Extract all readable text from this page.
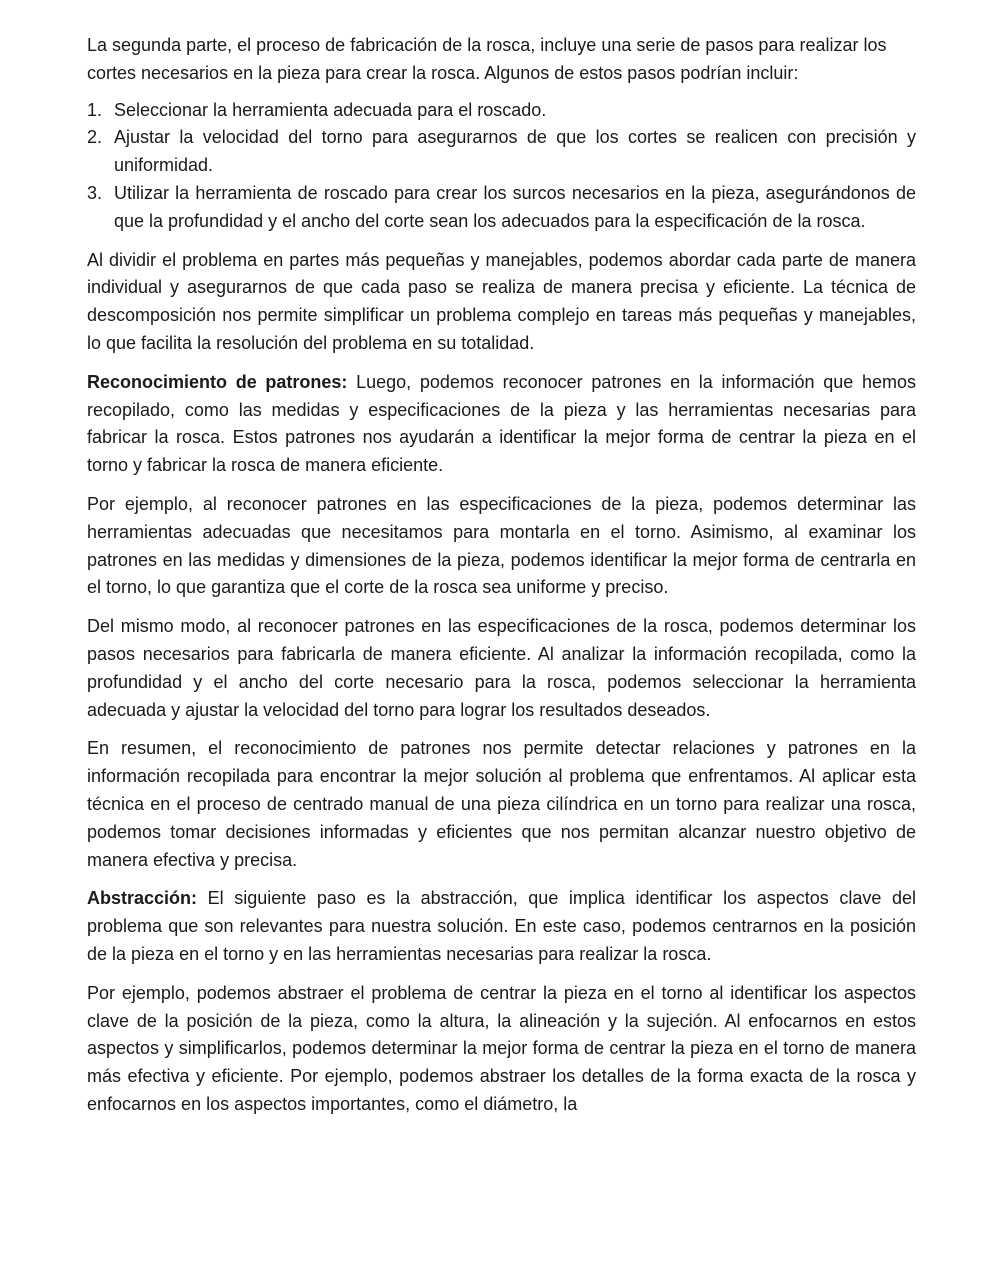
La segunda parte, el proceso de fabricación de la rosca, incluye una serie de pasos para realizar los cortes necesarios en la pieza para crear la rosca. Algunos de estos pasos podrían incluir:

1. Seleccionar la herramienta adecuada para el roscado.
2. Ajustar la velocidad del torno para asegurarnos de que los cortes se realicen con precisión y uniformidad.
3. Utilizar la herramienta de roscado para crear los surcos necesarios en la pieza, asegurándonos de que la profundidad y el ancho del corte sean los adecuados para la especificación de la rosca.

Al dividir el problema en partes más pequeñas y manejables, podemos abordar cada parte de manera individual y asegurarnos de que cada paso se realiza de manera precisa y eficiente. La técnica de descomposición nos permite simplificar un problema complejo en tareas más pequeñas y manejables, lo que facilita la resolución del problema en su totalidad.

Reconocimiento de patrones: Luego, podemos reconocer patrones en la información que hemos recopilado, como las medidas y especificaciones de la pieza y las herramientas necesarias para fabricar la rosca. Estos patrones nos ayudarán a identificar la mejor forma de centrar la pieza en el torno y fabricar la rosca de manera eficiente.

Por ejemplo, al reconocer patrones en las especificaciones de la pieza, podemos determinar las herramientas adecuadas que necesitamos para montarla en el torno. Asimismo, al examinar los patrones en las medidas y dimensiones de la pieza, podemos identificar la mejor forma de centrarla en el torno, lo que garantiza que el corte de la rosca sea uniforme y preciso.

Del mismo modo, al reconocer patrones en las especificaciones de la rosca, podemos determinar los pasos necesarios para fabricarla de manera eficiente. Al analizar la información recopilada, como la profundidad y el ancho del corte necesario para la rosca, podemos seleccionar la herramienta adecuada y ajustar la velocidad del torno para lograr los resultados deseados.

En resumen, el reconocimiento de patrones nos permite detectar relaciones y patrones en la información recopilada para encontrar la mejor solución al problema que enfrentamos. Al aplicar esta técnica en el proceso de centrado manual de una pieza cilíndrica en un torno para realizar una rosca, podemos tomar decisiones informadas y eficientes que nos permitan alcanzar nuestro objetivo de manera efectiva y precisa.

Abstracción: El siguiente paso es la abstracción, que implica identificar los aspectos clave del problema que son relevantes para nuestra solución. En este caso, podemos centrarnos en la posición de la pieza en el torno y en las herramientas necesarias para realizar la rosca.

Por ejemplo, podemos abstraer el problema de centrar la pieza en el torno al identificar los aspectos clave de la posición de la pieza, como la altura, la alineación y la sujeción. Al enfocarnos en estos aspectos y simplificarlos, podemos determinar la mejor forma de centrar la pieza en el torno de manera más efectiva y eficiente. Por ejemplo, podemos abstraer los detalles de la forma exacta de la rosca y enfocarnos en los aspectos importantes, como el diámetro, la
